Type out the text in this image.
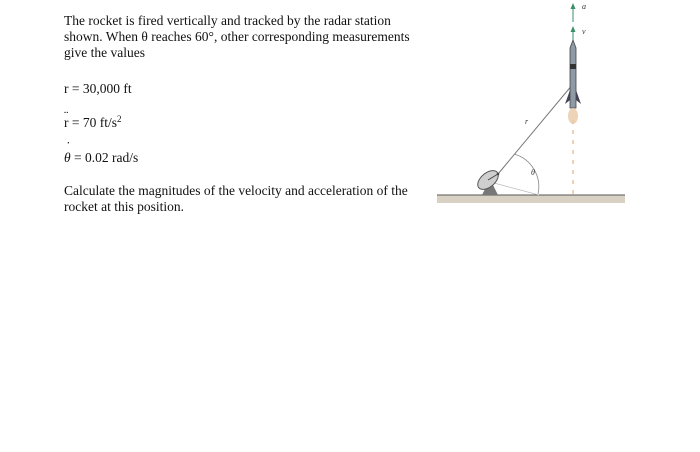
The rocket is fired vertically and tracked by the radar station shown. When θ reaches 60°, other corresponding measurements give the values

r = 30,000 ft
¨ r = 70 $ft/s^2$
˙ θ = 0.02 rad/s

Calculate the magnitudes of the velocity and acceleration of the rocket at this position.

a
v
r
θ
